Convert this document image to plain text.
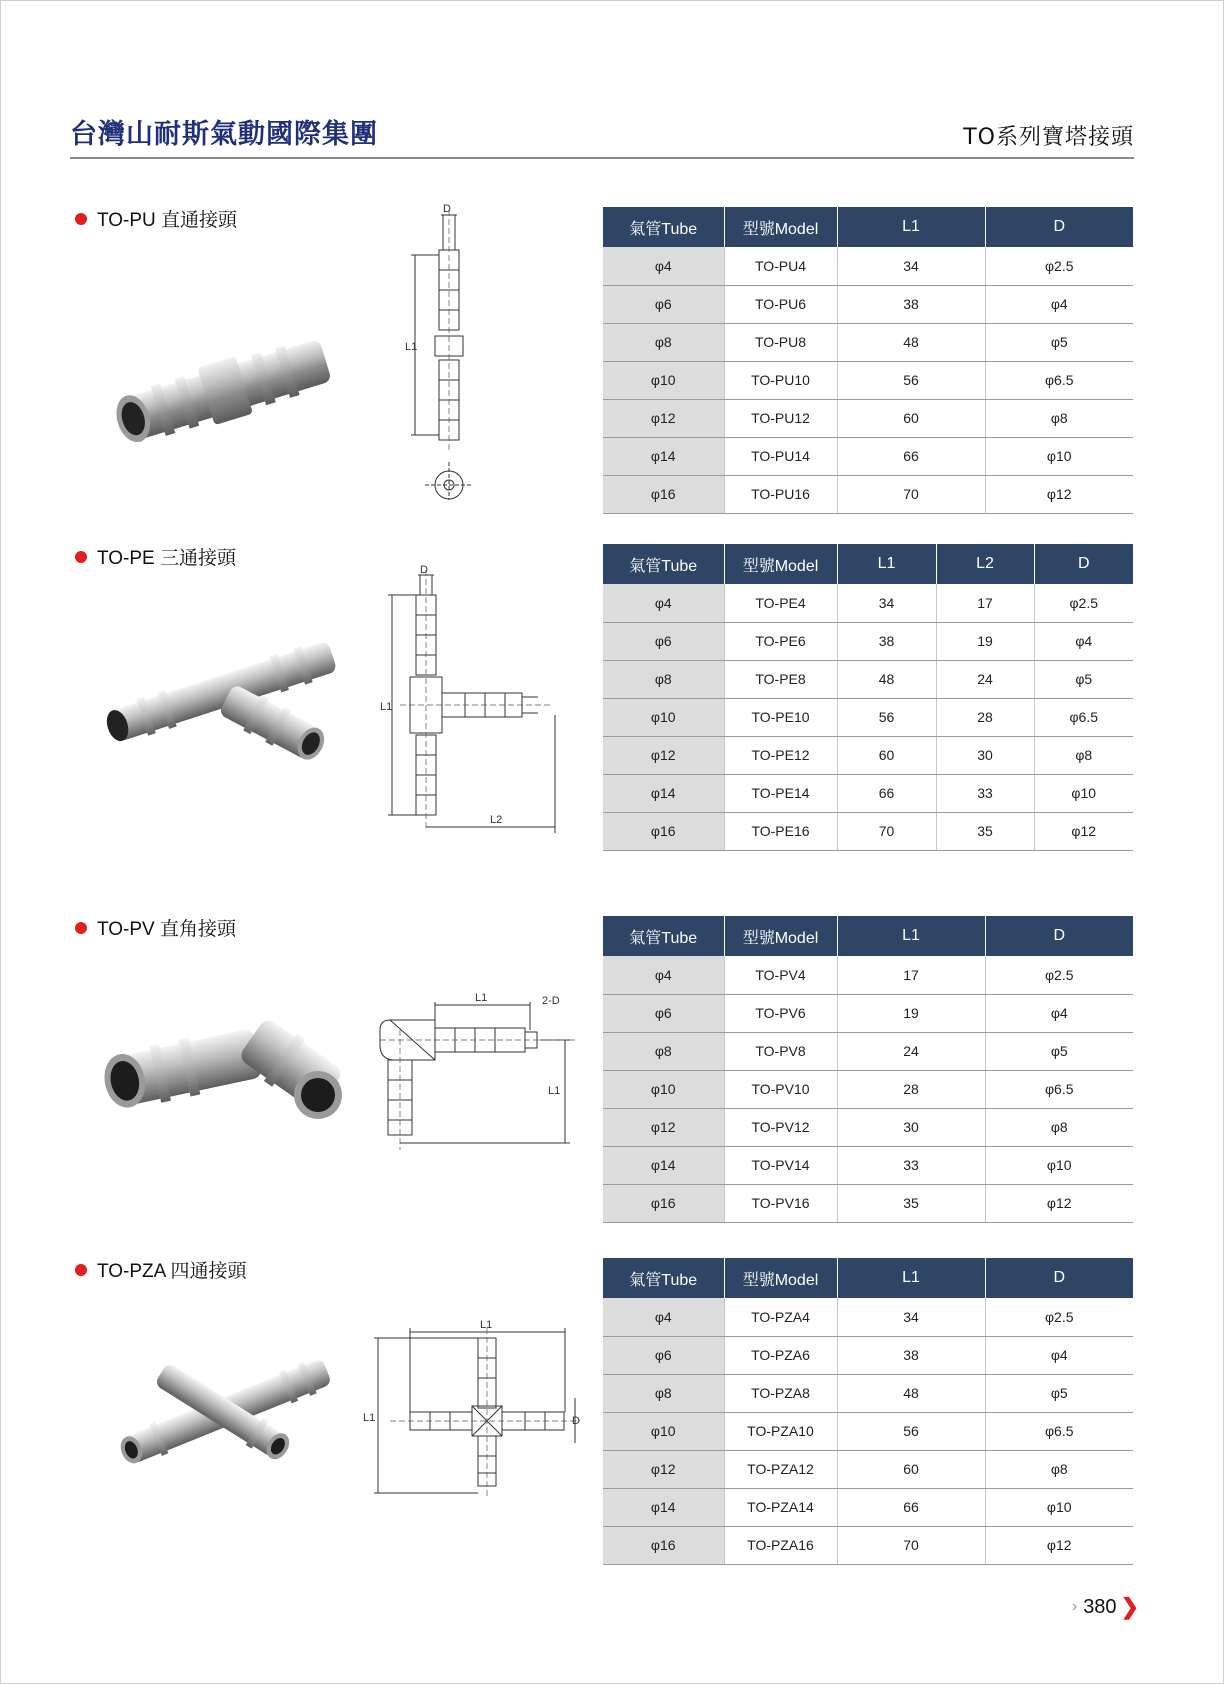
台灣山耐斯氣動國際集團	TO系列寶塔接頭
TO-PU 直通接頭
D
L1
氣管Tube	型號Model	L1	D
φ4	TO-PU4	34	φ2.5
φ6	TO-PU6	38	φ4
φ8	TO-PU8	48	φ5
φ10	TO-PU10	56	φ6.5
φ12	TO-PU12	60	φ8
φ14	TO-PU14	66	φ10
φ16	TO-PU16	70	φ12
TO-PE 三通接頭
D
L1
L2
氣管Tube	型號Model	L1	L2	D
φ4	TO-PE4	34	17	φ2.5
φ6	TO-PE6	38	19	φ4
φ8	TO-PE8	48	24	φ5
φ10	TO-PE10	56	28	φ6.5
φ12	TO-PE12	60	30	φ8
φ14	TO-PE14	66	33	φ10
φ16	TO-PE16	70	35	φ12
TO-PV 直角接頭
L1	2-D
L1
氣管Tube	型號Model	L1	D
φ4	TO-PV4	17	φ2.5
φ6	TO-PV6	19	φ4
φ8	TO-PV8	24	φ5
φ10	TO-PV10	28	φ6.5
φ12	TO-PV12	30	φ8
φ14	TO-PV14	33	φ10
φ16	TO-PV16	35	φ12
TO-PZA 四通接頭
L1
L1	D
氣管Tube	型號Model	L1	D
φ4	TO-PZA4	34	φ2.5
φ6	TO-PZA6	38	φ4
φ8	TO-PZA8	48	φ5
φ10	TO-PZA10	56	φ6.5
φ12	TO-PZA12	60	φ8
φ14	TO-PZA14	66	φ10
φ16	TO-PZA16	70	φ12
› 380 ❯
